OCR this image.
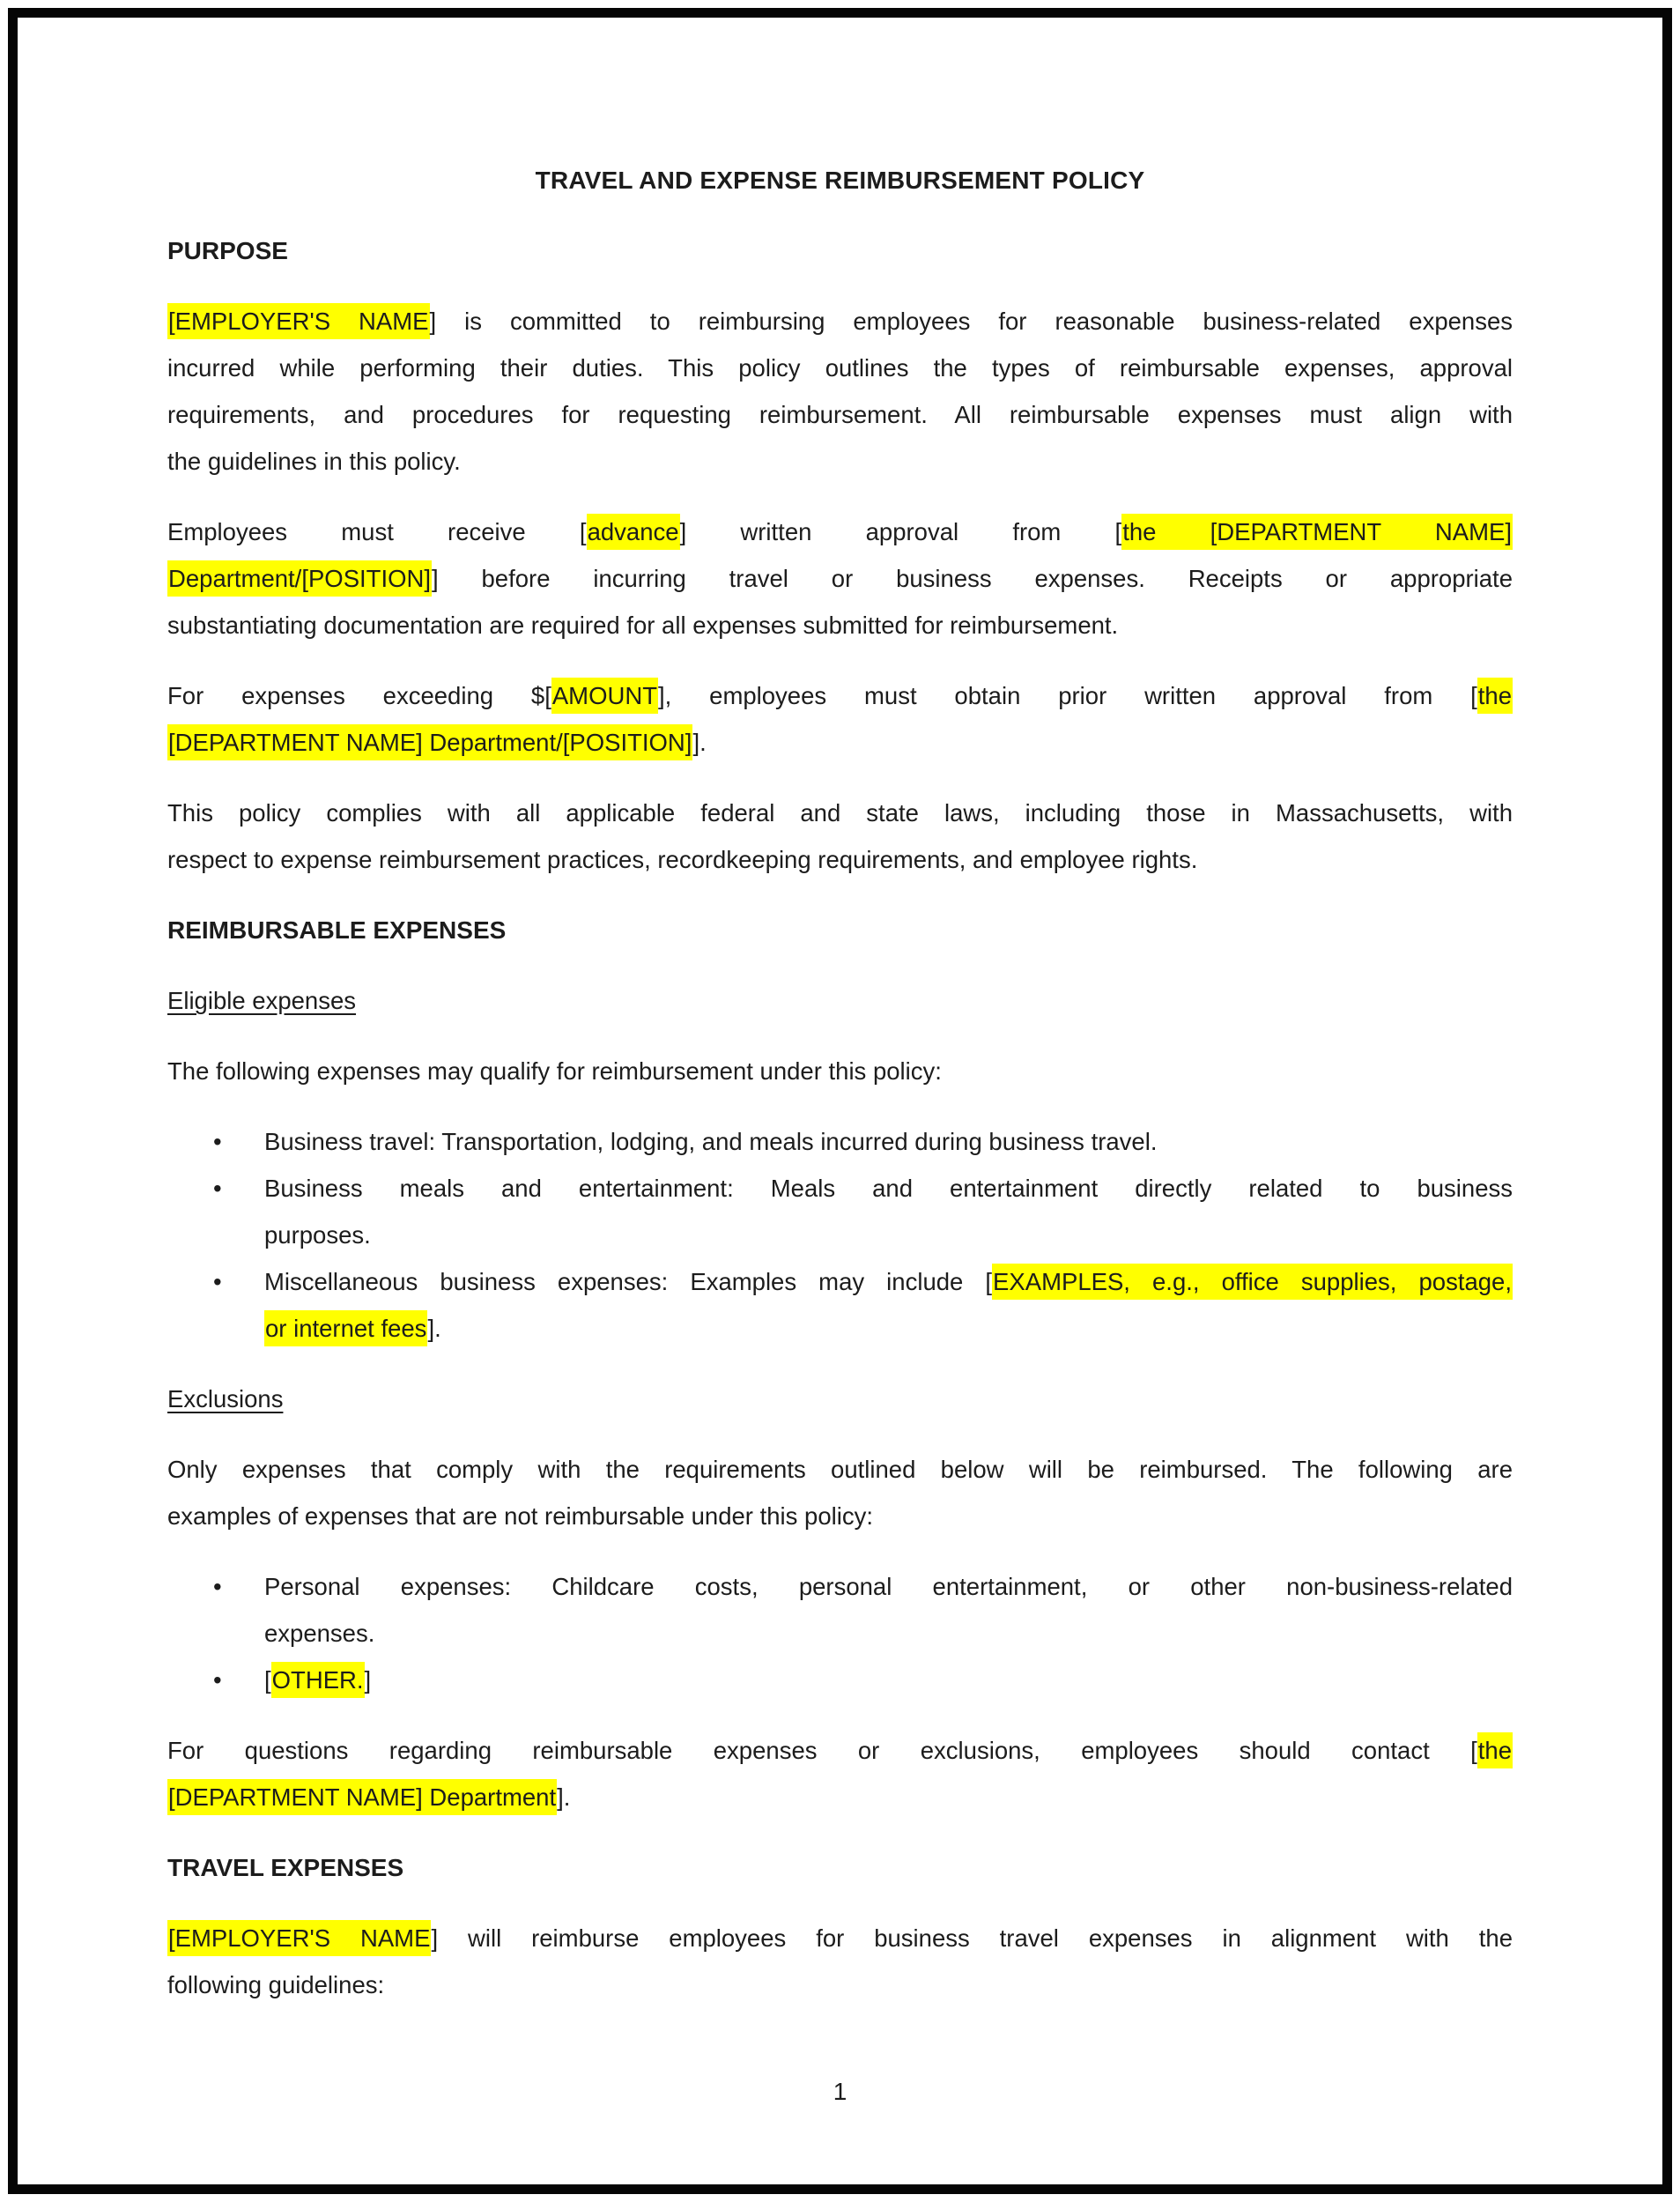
TRAVEL AND EXPENSE REIMBURSEMENT POLICY
PURPOSE
[EMPLOYER'S NAME] is committed to reimbursing employees for reasonable business-related expenses
incurred while performing their duties. This policy outlines the types of reimbursable expenses, approval
requirements, and procedures for requesting reimbursement. All reimbursable expenses must align with
the guidelines in this policy.
Employees must receive [advance] written approval from [the [DEPARTMENT NAME]
Department/[POSITION]] before incurring travel or business expenses. Receipts or appropriate
substantiating documentation are required for all expenses submitted for reimbursement.
For expenses exceeding $[AMOUNT], employees must obtain prior written approval from [the
[DEPARTMENT NAME] Department/[POSITION]].
This policy complies with all applicable federal and state laws, including those in Massachusetts, with
respect to expense reimbursement practices, recordkeeping requirements, and employee rights.
REIMBURSABLE EXPENSES
Eligible expenses
The following expenses may qualify for reimbursement under this policy:
• Business travel: Transportation, lodging, and meals incurred during business travel.
• Business meals and entertainment: Meals and entertainment directly related to business
purposes.
• Miscellaneous business expenses: Examples may include [EXAMPLES, e.g., office supplies, postage,
or internet fees].
Exclusions
Only expenses that comply with the requirements outlined below will be reimbursed. The following are
examples of expenses that are not reimbursable under this policy:
• Personal expenses: Childcare costs, personal entertainment, or other non-business-related
expenses.
• [OTHER.]
For questions regarding reimbursable expenses or exclusions, employees should contact [the
[DEPARTMENT NAME] Department].
TRAVEL EXPENSES
[EMPLOYER'S NAME] will reimburse employees for business travel expenses in alignment with the
following guidelines:
1
